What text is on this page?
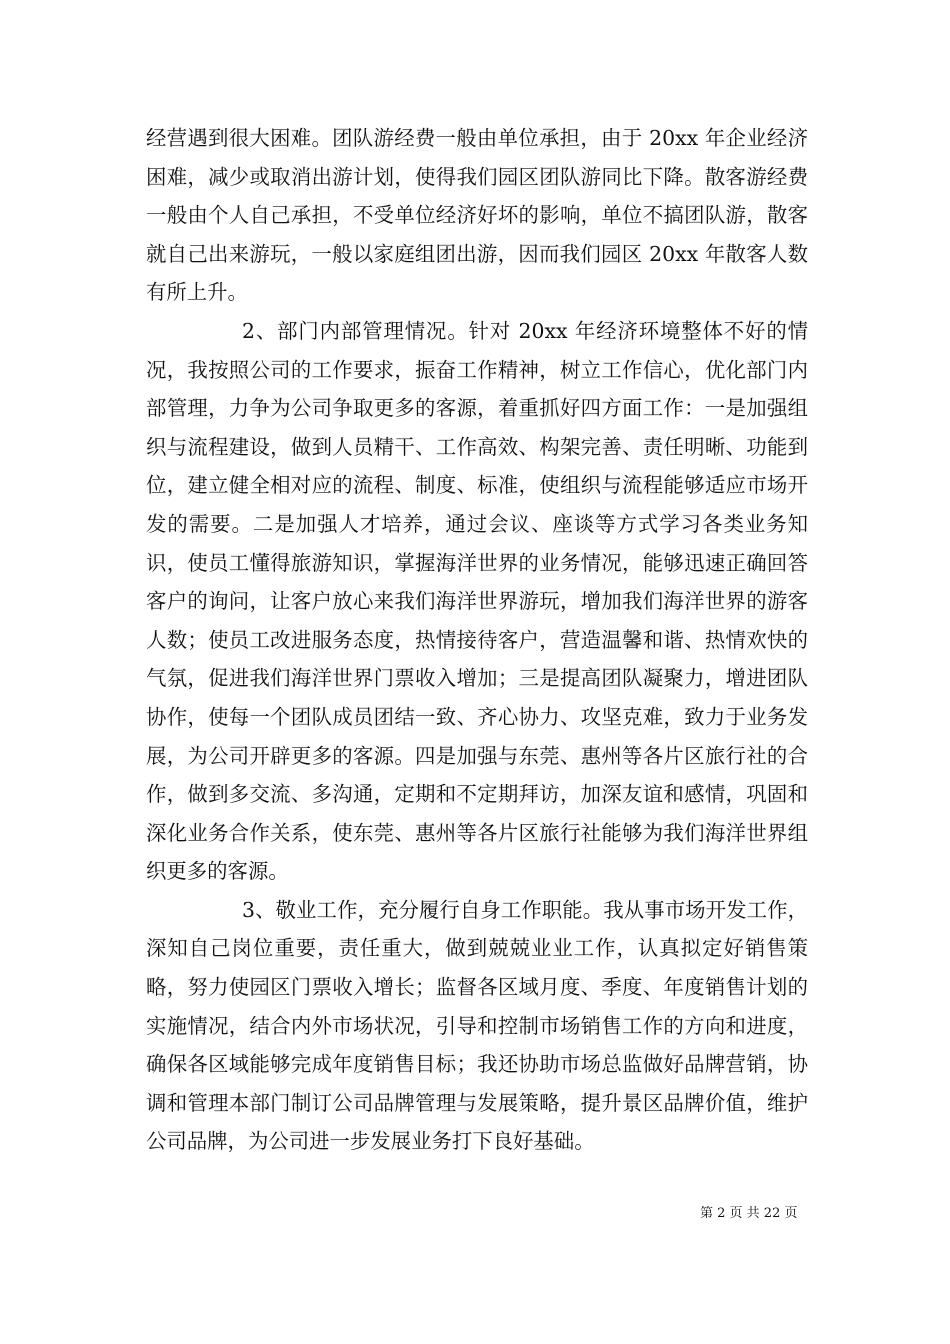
经营遇到很大困难。团队游经费一般由单位承担，由于 20xx 年企业经济困难，减少或取消出游计划，使得我们园区团队游同比下降。散客游经费一般由个人自己承担，不受单位经济好坏的影响，单位不搞团队游，散客就自己出来游玩，一般以家庭组团出游，因而我们园区 20xx 年散客人数有所上升。

2、部门内部管理情况。针对 20xx 年经济环境整体不好的情况，我按照公司的工作要求，振奋工作精神，树立工作信心，优化部门内部管理，力争为公司争取更多的客源，着重抓好四方面工作：一是加强组织与流程建设，做到人员精干、工作高效、构架完善、责任明晰、功能到位，建立健全相对应的流程、制度、标准，使组织与流程能够适应市场开发的需要。二是加强人才培养，通过会议、座谈等方式学习各类业务知识，使员工懂得旅游知识，掌握海洋世界的业务情况，能够迅速正确回答客户的询问，让客户放心来我们海洋世界游玩，增加我们海洋世界的游客人数；使员工改进服务态度，热情接待客户，营造温馨和谐、热情欢快的气氛，促进我们海洋世界门票收入增加；三是提高团队凝聚力，增进团队协作，使每一个团队成员团结一致、齐心协力、攻坚克难，致力于业务发展，为公司开辟更多的客源。四是加强与东莞、惠州等各片区旅行社的合作，做到多交流、多沟通，定期和不定期拜访，加深友谊和感情，巩固和深化业务合作关系，使东莞、惠州等各片区旅行社能够为我们海洋世界组织更多的客源。

3、敬业工作，充分履行自身工作职能。我从事市场开发工作，深知自己岗位重要，责任重大，做到兢兢业业工作，认真拟定好销售策略，努力使园区门票收入增长；监督各区域月度、季度、年度销售计划的实施情况，结合内外市场状况，引导和控制市场销售工作的方向和进度，确保各区域能够完成年度销售目标；我还协助市场总监做好品牌营销，协调和管理本部门制订公司品牌管理与发展策略，提升景区品牌价值，维护公司品牌，为公司进一步发展业务打下良好基础。

第 2 页 共 22 页
